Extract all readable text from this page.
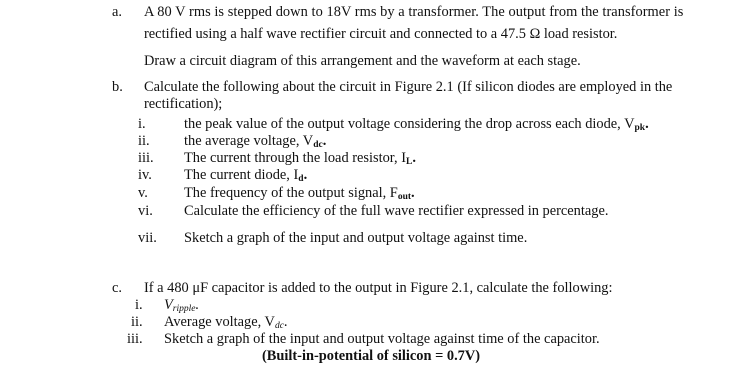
a. A 80 V rms is stepped down to 18V rms by a transformer. The output from the transformer is
rectified using a half wave rectifier circuit and connected to a 47.5 Ω load resistor.
Draw a circuit diagram of this arrangement and the waveform at each stage.
b. Calculate the following about the circuit in Figure 2.1 (If silicon diodes are employed in the
rectification);
i.	the peak value of the output voltage considering the drop across each diode, $V_{pk}$.
ii. the average voltage, $V_{dc}$.
iii. The current through the load resistor, $I_L$.
iv. The current diode, $I_d$.
v.	The frequency of the output signal, $F_{out}$.
vi. Calculate the efficiency of the full wave rectifier expressed in percentage.
vii. Sketch a graph of the input and output voltage against time.
c. If a 480 μF capacitor is added to the output in Figure 2.1, calculate the following:
i. Vripple.
ii. Average voltage, Vdc.
iii. Sketch a graph of the input and output voltage against time of the capacitor.
(Built-in-potential of silicon = 0.7V)
